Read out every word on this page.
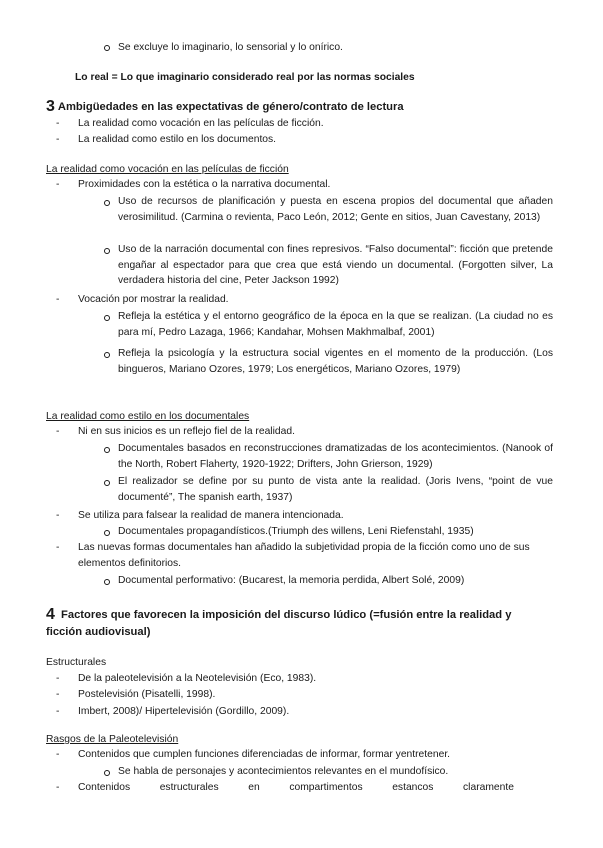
Se excluye lo imaginario, lo sensorial y lo onírico.

Lo real = Lo que imaginario considerado real por las normas sociales

3 Ambigüedades en las expectativas de género/contrato de lectura

- La realidad como vocación en las películas de ficción.

- La realidad como estilo en los documentos.

La realidad como vocación en las películas de ficción

- Proximidades con la estética o la narrativa documental.

Uso de recursos de planificación y puesta en escena propios del documental que añaden verosimilitud. (Carmina o revienta, Paco León, 2012; Gente en sitios, Juan Cavestany, 2013)

Uso de la narración documental con fines represivos. “Falso documental”: ficción que pretende engañar al espectador para que crea que está viendo un documental. (Forgotten silver, La verdadera historia del cine, Peter Jackson 1992)

- Vocación por mostrar la realidad.

Refleja la estética y el entorno geográfico de la época en la que se realizan. (La ciudad no es para mí, Pedro Lazaga, 1966; Kandahar, Mohsen Makhmalbaf, 2001)

Refleja la psicología y la estructura social vigentes en el momento de la producción. (Los bingueros, Mariano Ozores, 1979; Los energéticos, Mariano Ozores, 1979)

La realidad como estilo en los documentales

- Ni en sus inicios es un reflejo fiel de la realidad.

Documentales basados en reconstrucciones dramatizadas de los acontecimientos. (Nanook of the North, Robert Flaherty, 1920-1922; Drifters, John Grierson, 1929)

El realizador se define por su punto de vista ante la realidad. (Joris Ivens, “point de vue documenté”, The spanish earth, 1937)

- Se utiliza para falsear la realidad de manera intencionada.

Documentales propagandísticos.(Triumph des willens, Leni Riefenstahl, 1935)

- Las nuevas formas documentales han añadido la subjetividad propia de la ficción como uno de sus elementos definitorios.

Documental performativo: (Bucarest, la memoria perdida, Albert Solé, 2009)

4 Factores que favorecen la imposición del discurso lúdico (=fusión entre la realidad y

ficción audiovisual)

Estructurales

- De la paleotelevisión a la Neotelevisión (Eco, 1983).

- Postelevisión (Pisatelli, 1998).

- Imbert, 2008)/ Hipertelevisión (Gordillo, 2009).

Rasgos de la Paleotelevisión

- Contenidos que cumplen funciones diferenciadas de informar, formar yentretener.

Se habla de personajes y acontecimientos relevantes en el mundofísico.

- Contenidos	estructurales	en	compartimentos	estancos	claramente
